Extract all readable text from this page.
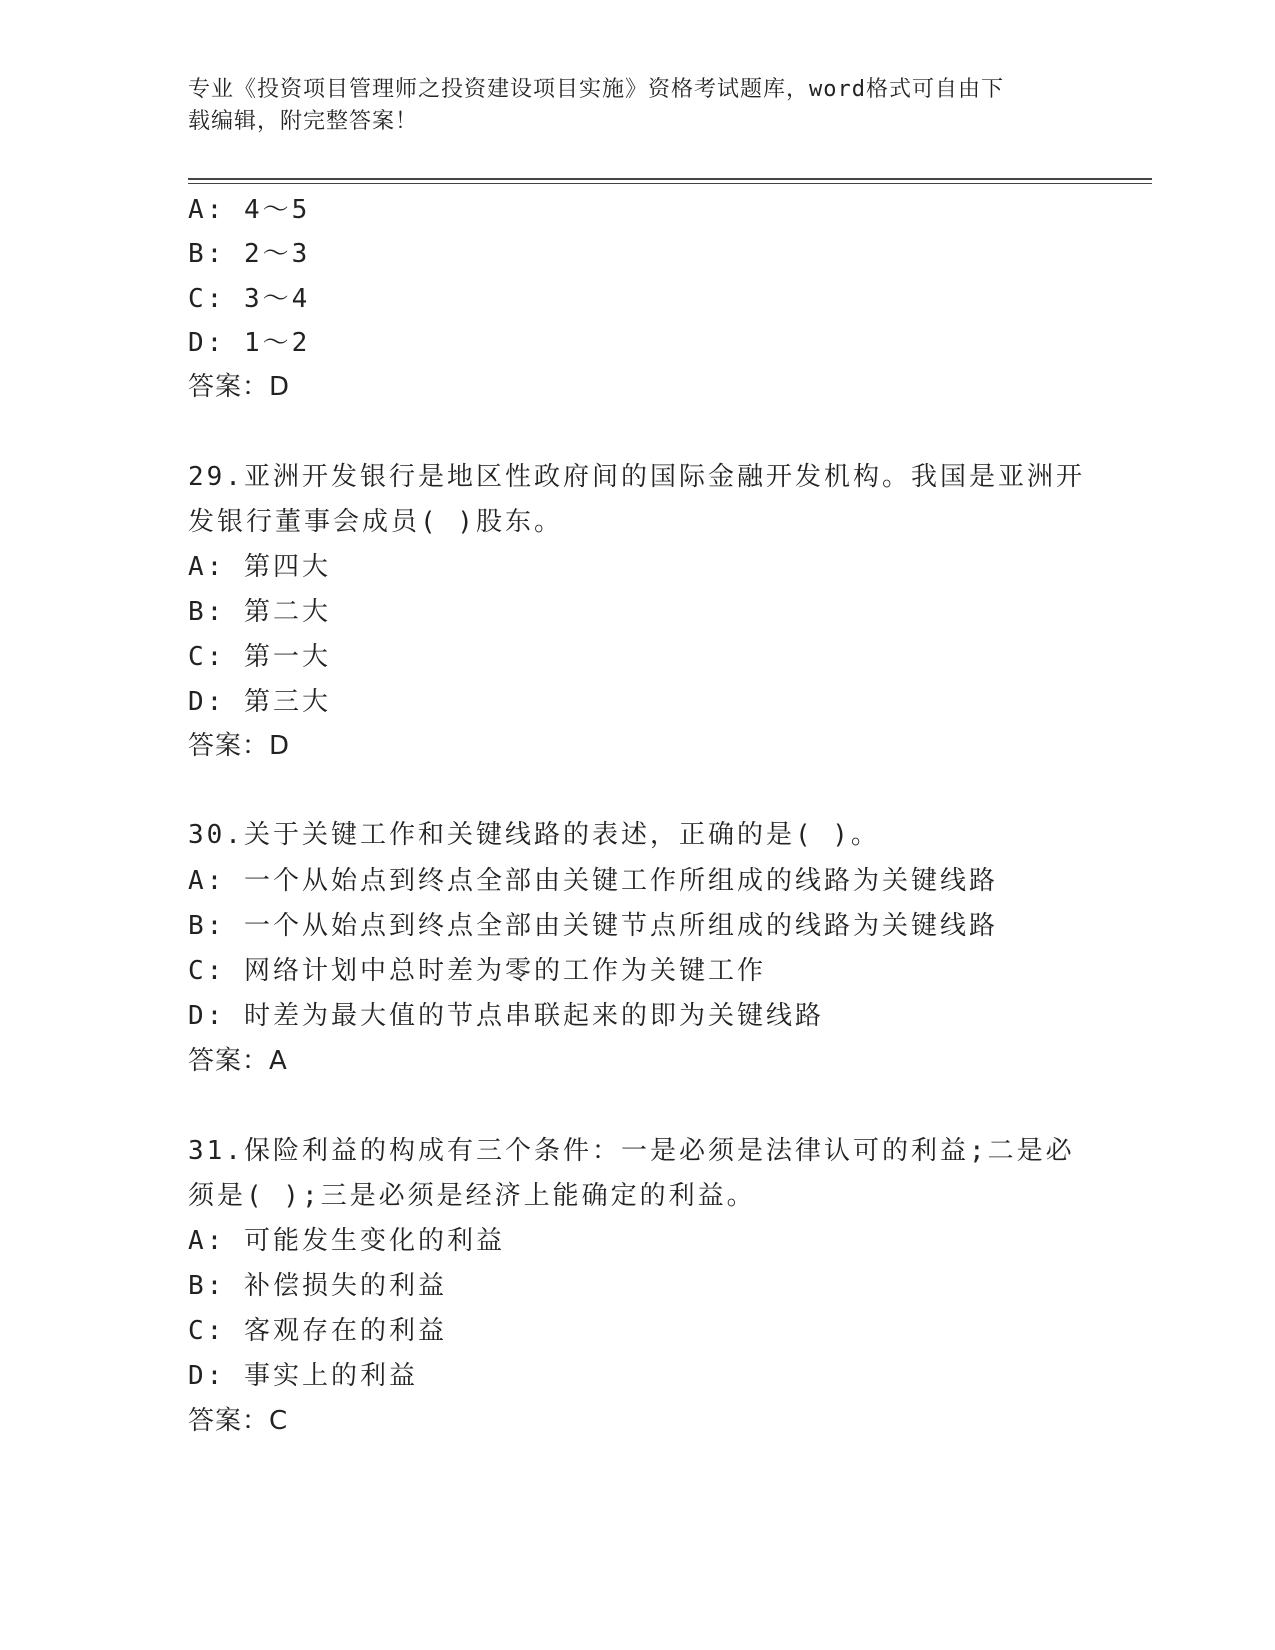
专业《投资项目管理师之投资建设项目实施》资格考试题库，word格式可自由下
载编辑，附完整答案！
A: 4～5
B: 2～3
C: 3～4
D: 1～2
答案：D
29.亚洲开发银行是地区性政府间的国际金融开发机构。我国是亚洲开
发银行董事会成员( )股东。
A: 第四大
B: 第二大
C: 第一大
D: 第三大
答案：D
30.关于关键工作和关键线路的表述，正确的是( )。
A: 一个从始点到终点全部由关键工作所组成的线路为关键线路
B: 一个从始点到终点全部由关键节点所组成的线路为关键线路
C: 网络计划中总时差为零的工作为关键工作
D: 时差为最大值的节点串联起来的即为关键线路
答案：A
31.保险利益的构成有三个条件：一是必须是法律认可的利益;二是必
须是( );三是必须是经济上能确定的利益。
A: 可能发生变化的利益
B: 补偿损失的利益
C: 客观存在的利益
D: 事实上的利益
答案：C
